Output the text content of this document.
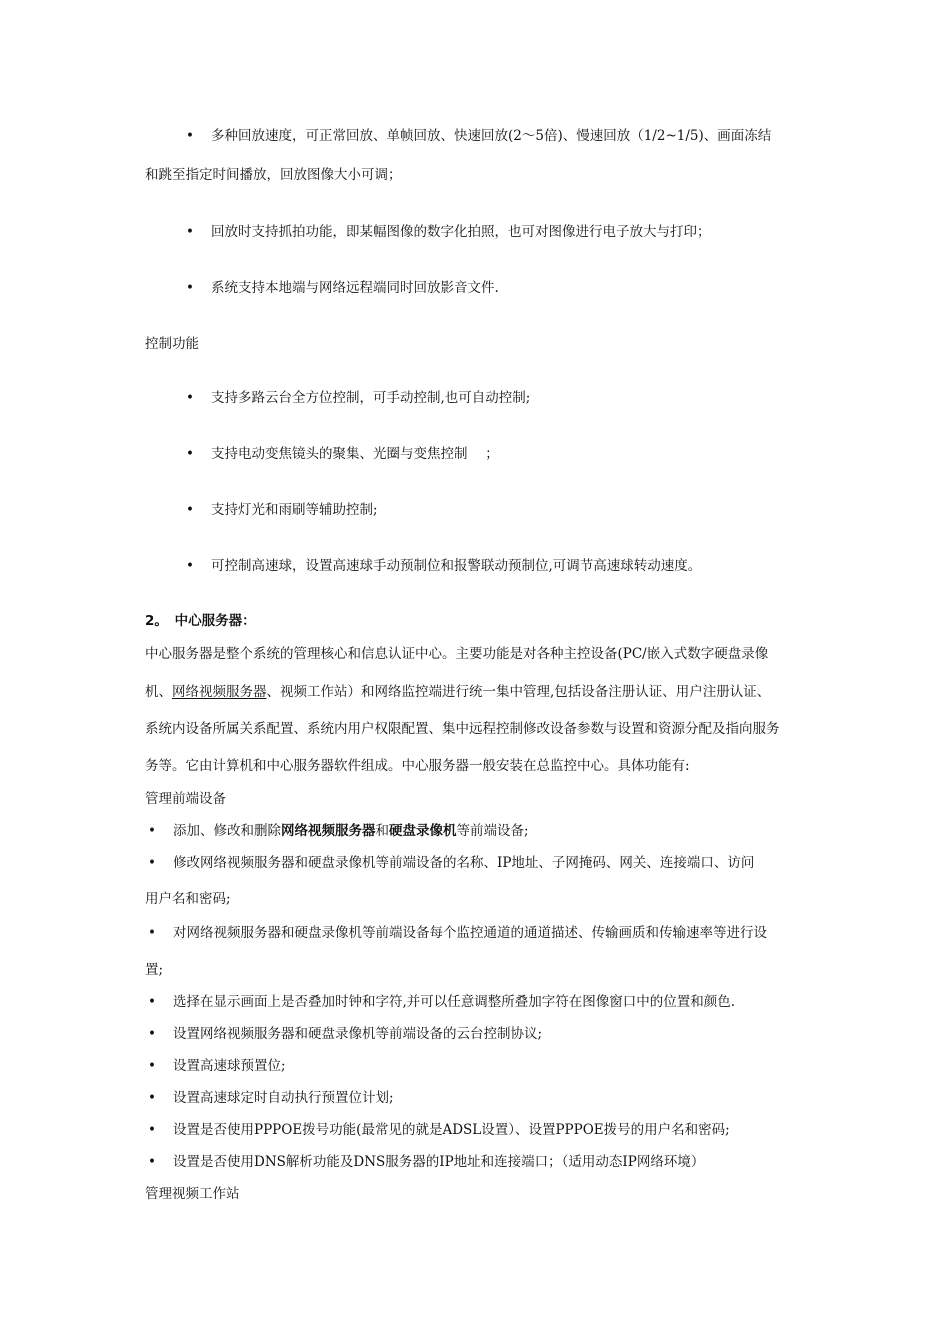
• 多种回放速度，可正常回放、单帧回放、快速回放(2～5倍)、慢速回放（1/2~1/5)、画面冻结
和跳至指定时间播放，回放图像大小可调；
• 回放时支持抓拍功能，即某幅图像的数字化拍照，也可对图像进行电子放大与打印；
• 系统支持本地端与网络远程端同时回放影音文件.
控制功能
• 支持多路云台全方位控制，可手动控制,也可自动控制;
• 支持电动变焦镜头的聚集、光圈与变焦控制 　；
• 支持灯光和雨刷等辅助控制;
• 可控制高速球，设置高速球手动预制位和报警联动预制位,可调节高速球转动速度。
2。　中心服务器：
中心服务器是整个系统的管理核心和信息认证中心。主要功能是对各种主控设备(PC/嵌入式数字硬盘录像
机、网络视频服务器、视频工作站）和网络监控端进行统一集中管理,包括设备注册认证、用户注册认证、
系统内设备所属关系配置、系统内用户权限配置、集中远程控制修改设备参数与设置和资源分配及指向服务
务等。它由计算机和中心服务器软件组成。中心服务器一般安装在总监控中心。具体功能有:
管理前端设备
• 添加、修改和删除网络视频服务器和硬盘录像机等前端设备;
• 修改网络视频服务器和硬盘录像机等前端设备的名称、IP地址、子网掩码、网关、连接端口、访问
用户名和密码;
• 对网络视频服务器和硬盘录像机等前端设备每个监控通道的通道描述、传输画质和传输速率等进行设
置;
• 选择在显示画面上是否叠加时钟和字符,并可以任意调整所叠加字符在图像窗口中的位置和颜色.
• 设置网络视频服务器和硬盘录像机等前端设备的云台控制协议;
• 设置高速球预置位;
• 设置高速球定时自动执行预置位计划;
• 设置是否使用PPPOE拨号功能(最常见的就是ADSL设置）、设置PPPOE拨号的用户名和密码;
• 设置是否使用DNS解析功能及DNS服务器的IP地址和连接端口；（适用动态IP网络环境）
管理视频工作站
